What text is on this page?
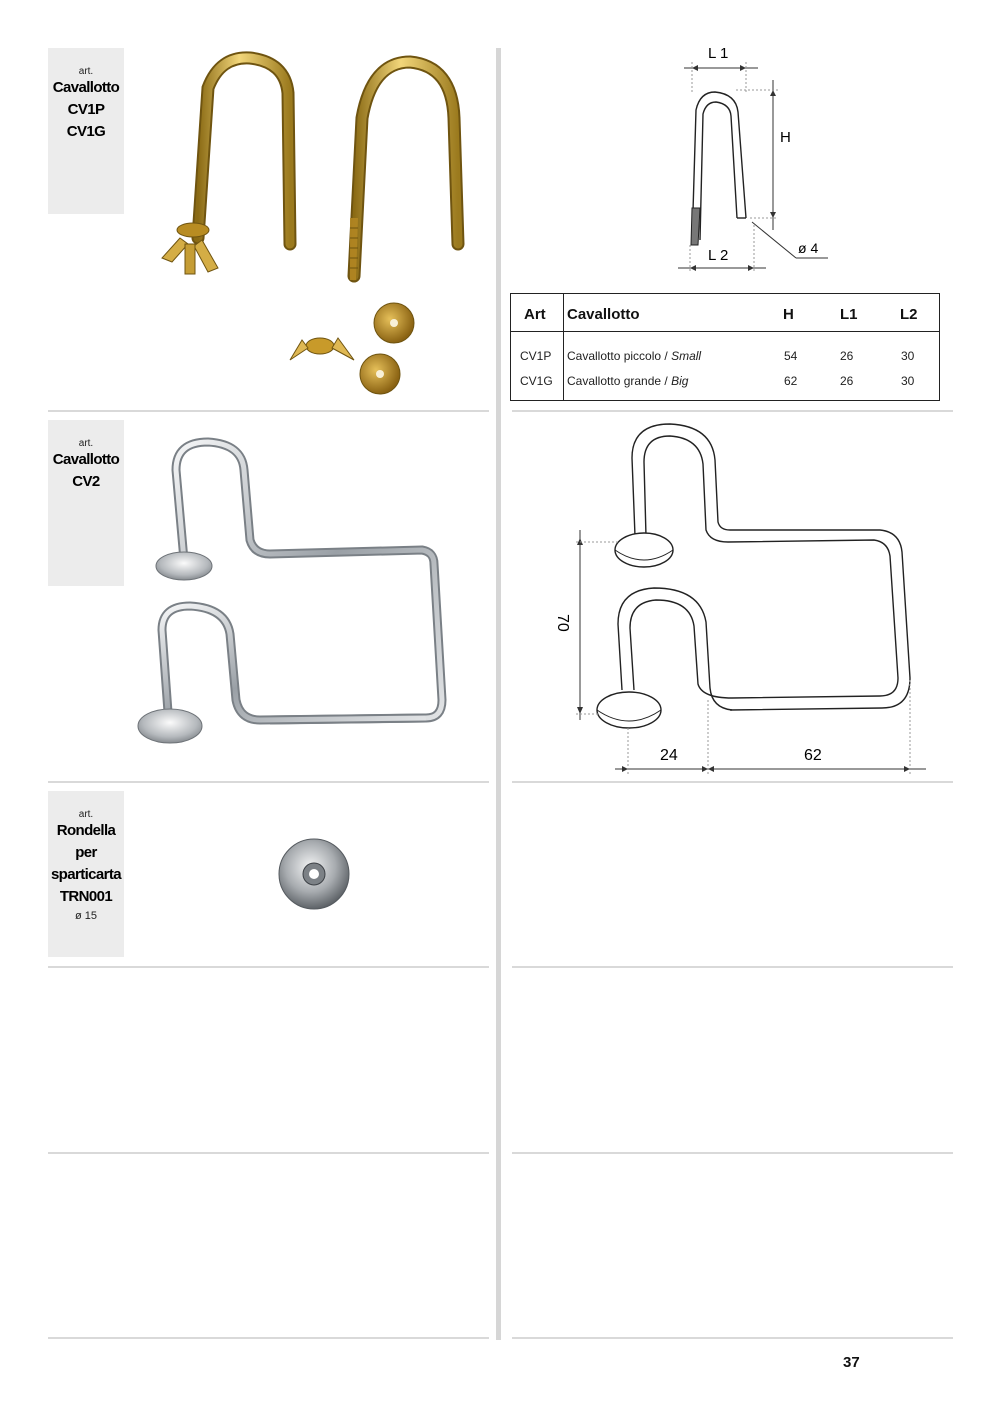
art.
Cavallotto
CV1P
CV1G
L 1
H
L 2	ø 4
Art Cavallotto	H	L1	L2
CV1P Cavallotto piccolo / Small	54	26	30
CV1G Cavallotto grande / Big	62	26	30
art.
Cavallotto
CV2
70
24	62
art.
Rondella
per
sparticarta
TRN001
ø 15
37
